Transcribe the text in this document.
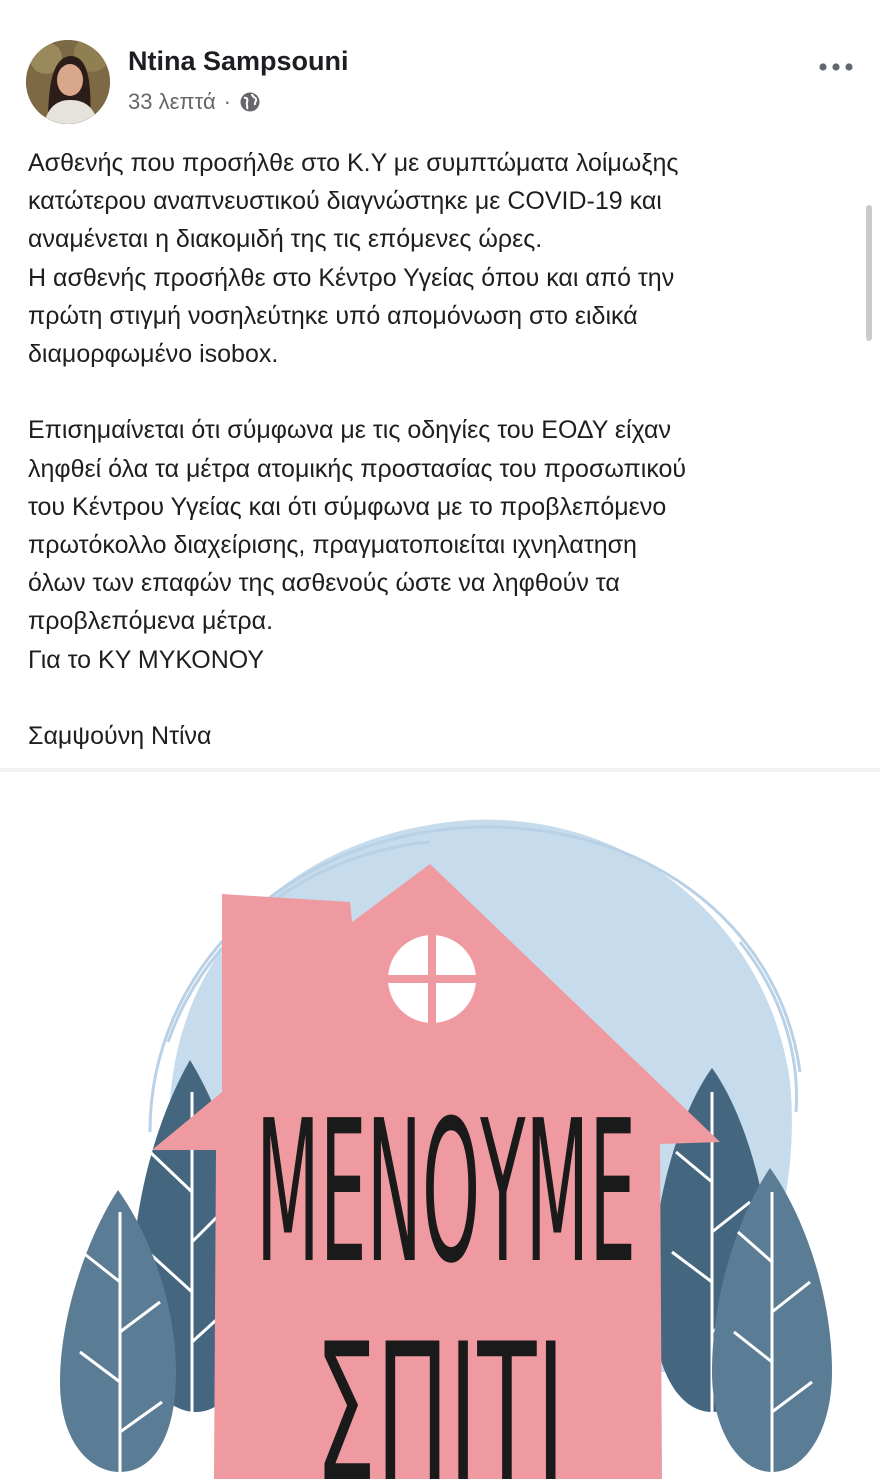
Ntina Sampsouni
33 λεπτά ·

Ασθενής που προσήλθε στο Κ.Υ με συμπτώματα λοίμωξης

κατώτερου αναπνευστικού διαγνώστηκε με COVID-19 και

αναμένεται η διακομιδή της τις επόμενες ώρες.

Η ασθενής προσήλθε στο Κέντρο Υγείας όπου και από την

πρώτη στιγμή νοσηλεύτηκε υπό απομόνωση στο ειδικά

διαμορφωμένο isobox.

Επισημαίνεται ότι σύμφωνα με τις οδηγίες του ΕΟΔΥ είχαν

ληφθεί όλα τα μέτρα ατομικής προστασίας του προσωπικού

του Κέντρου Υγείας και ότι σύμφωνα με το προβλεπόμενο

πρωτόκολλο διαχείρισης, πραγματοποιείται ιχνηλατηση

όλων των επαφών της ασθενούς ώστε να ληφθούν τα

προβλεπόμενα μέτρα.

Για το ΚΥ ΜΥΚΟΝΟΥ

Σαμψούνη Ντίνα

ΜΕΝΟΥΜΕ
ΣΠΙΤΙ
